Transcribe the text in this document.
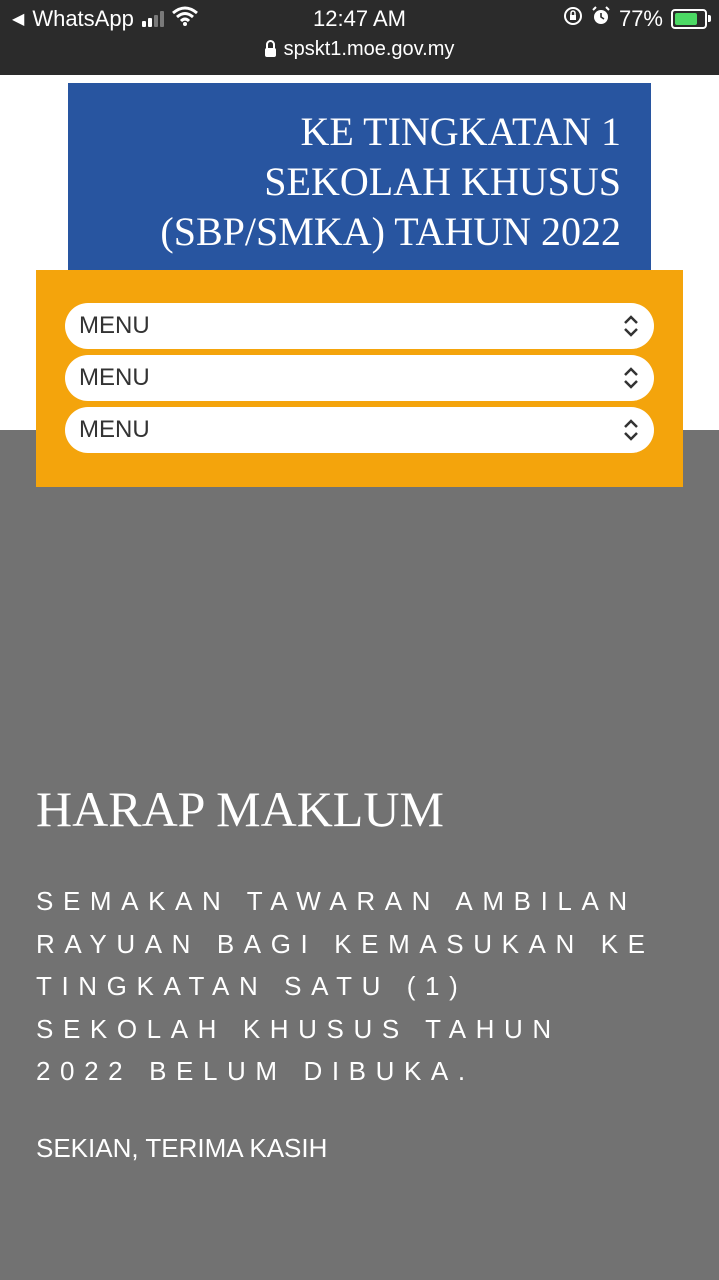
◀ WhatsApp	12:47 AM	77%
spskt1.moe.gov.my
KE TINGKATAN 1
SEKOLAH KHUSUS
(SBP/SMKA) TAHUN 2022
MENU
MENU
MENU
HARAP MAKLUM
SEMAKAN TAWARAN AMBILAN
RAYUAN BAGI KEMASUKAN KE
TINGKATAN SATU (1)
SEKOLAH KHUSUS TAHUN
2022 BELUM DIBUKA.
SEKIAN, TERIMA KASIH
